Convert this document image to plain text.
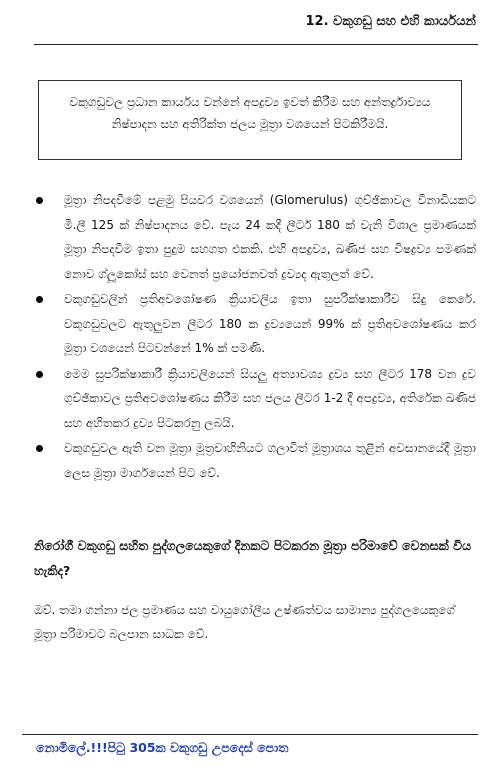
12. වකුගඩු සහ එහි කාර්යයන්
වකුගඩුවල ප්‍රධාන කාර්යය වන්නේ අපද්‍රව්‍ය ඉවත් කිරීම සහ අන්තර්ද්‍රාව්‍යය නිෂ්පාදන සහ අතිරික්ත ජලය මූත්‍රා වශයෙන් පිටකිරීමයි.
මූත්‍රා නිපදවීමේ පළමු පියවර වශයෙන් (Glomerulus) ගුච්ඡිකාවල විනාඩියකට මි.ලී 125 ක් නිෂ්පාදනය වේ. පැය 24 කදී ලීටර් 180 ක් වැනි විශාල ප්‍රමාණයක් මූත්‍රා නිපදවීම ඉතා පුදුම සහගත එකකි. එහි අපද්‍රව්‍ය, ඛණිජ සහ විෂද්‍රව්‍ය පමණක් නොව ග්ලූකෝස් සහ වෙනත් ප්‍රයෝජනවත් ද්‍රව්‍යද ඇතුලත් වේ.
වකුගඩුවලින් ප්‍රතිඅවශෝෂණ ක්‍රියාවලිය ඉතා සුපරික්ෂාකාරීව සිදු කෙරේ. වකුගඩුවලට ඇතුලුවන ලීටර 180 ක ද්‍රව්‍යයෙන් 99% ක් ප්‍රතිඅවශෝෂණය කර මූත්‍රා වශයෙන් පිටවන්නේ 1% ක් පමණි.
මෙම සුපරික්ෂාකාරී ක්‍රියාවලියෙන් සියලු අත්‍යාවශ්‍ය ද්‍රව්‍ය සහ ලීටර 178 වන ද්‍රව ගුච්ඡිකාවල ප්‍රතිඅවශෝෂණය කිරීම සහ ජලය ලීටර 1-2 දී අපද්‍රව්‍ය, අතිරේක ඛණිජ සහ අහිතකර ද්‍රව්‍ය පිටකරනු ලබයි.
වකුගඩුවල ඇති වන මූත්‍රා මූත්‍රවාහිනියට ගලාවිත් මූත්‍රාශය තුළින් අවසානයේදී මූත්‍රා ලෙස මූත්‍රා මාර්ගයෙන් පිට වේ.
නිරෝගී වකුගඩු සහිත පුද්ගලයෙකුගේ දිනකට පිටකරන මූත්‍රා පරිමාවේ වෙනසක් විය හැකිද?
ඔව්. තමා ගන්නා ජල ප්‍රමාණය සහ වායුගෝලීය උෂ්ණත්වය සාමාන්‍ය පුද්ගලයෙකුගේ මූත්‍රා පරිමාවට බලපාන සාධක වේ.
නොමිලේ.!!!පිටු 305ක වකුගඩු උපදෙස් පොත
